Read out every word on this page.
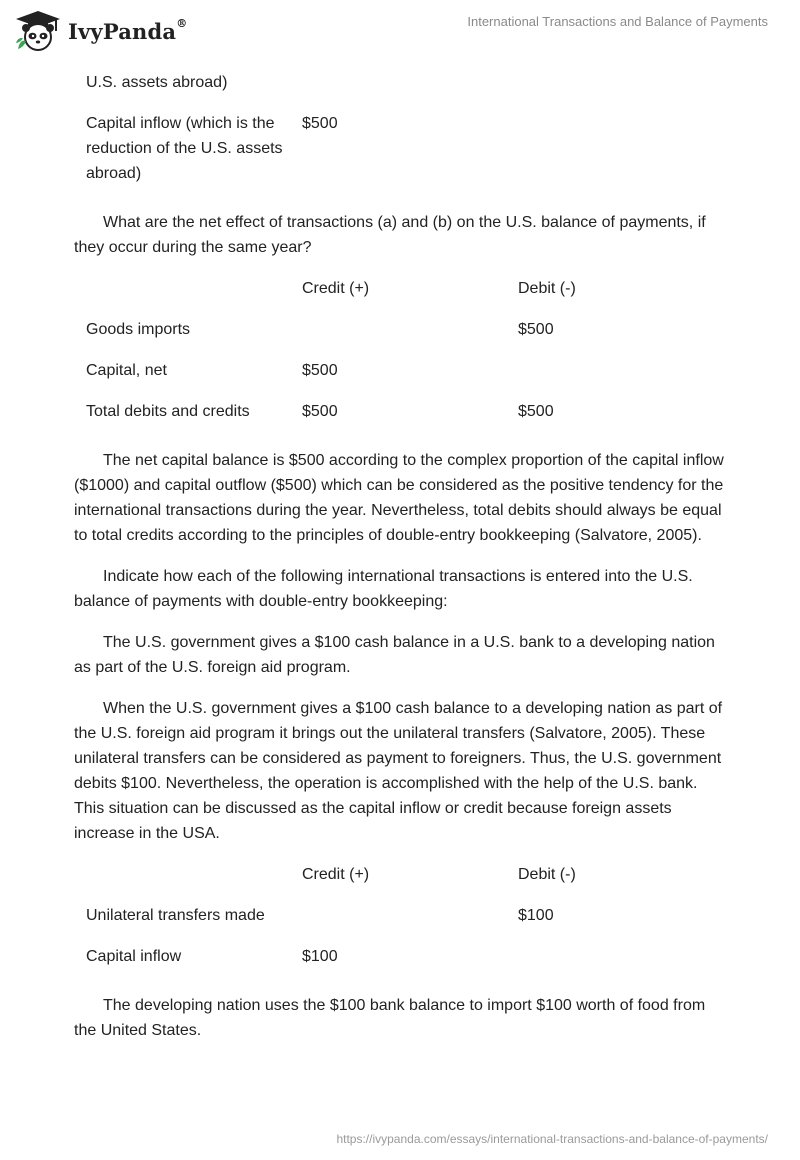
IvyPanda®	International Transactions and Balance of Payments
U.S. assets abroad)		
Capital inflow (which is the reduction of the U.S. assets abroad)	$500	

What are the net effect of transactions (a) and (b) on the U.S. balance of payments, if they occur during the same year?

	Credit (+)	Debit (-)
Goods imports		$500
Capital, net	$500	
Total debits and credits	$500	$500

The net capital balance is $500 according to the complex proportion of the capital inflow ($1000) and capital outflow ($500) which can be considered as the positive tendency for the international transactions during the year. Nevertheless, total debits should always be equal to total credits according to the principles of double-entry bookkeeping (Salvatore, 2005).

Indicate how each of the following international transactions is entered into the U.S. balance of payments with double-entry bookkeeping:

The U.S. government gives a $100 cash balance in a U.S. bank to a developing nation as part of the U.S. foreign aid program.

When the U.S. government gives a $100 cash balance to a developing nation as part of the U.S. foreign aid program it brings out the unilateral transfers (Salvatore, 2005). These unilateral transfers can be considered as payment to foreigners. Thus, the U.S. government debits $100. Nevertheless, the operation is accomplished with the help of the U.S. bank. This situation can be discussed as the capital inflow or credit because foreign assets increase in the USA.

	Credit (+)	Debit (-)
Unilateral transfers made		$100
Capital inflow	$100	

The developing nation uses the $100 bank balance to import $100 worth of food from the United States.

https://ivypanda.com/essays/international-transactions-and-balance-of-payments/
